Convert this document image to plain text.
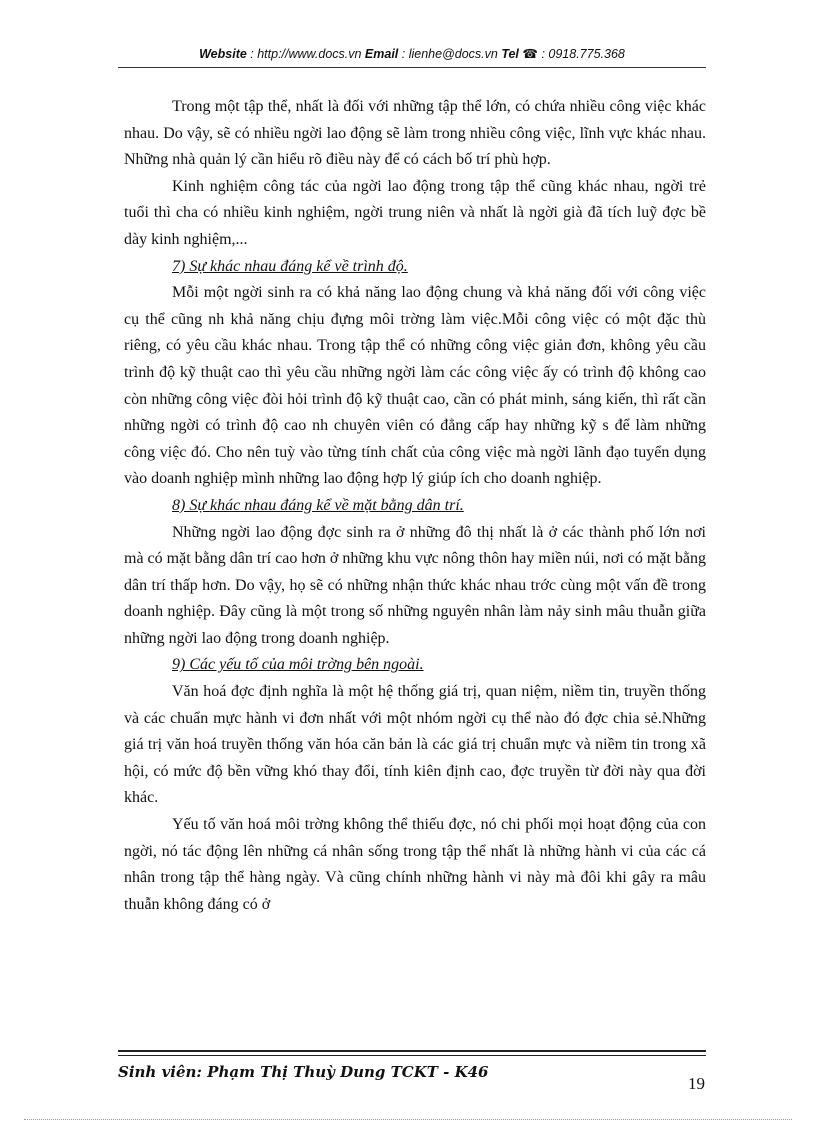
Website : http://www.docs.vn Email : lienhe@docs.vn Tel ☎ : 0918.775.368

Trong một tập thể, nhất là đối với những tập thể lớn, có chứa nhiều công việc khác nhau. Do vậy, sẽ có nhiều ngời lao động sẽ làm trong nhiều công việc, lĩnh vực khác nhau. Những nhà quản lý cần hiểu rõ điều này để có cách bố trí phù hợp.

Kinh nghiệm công tác của ngời lao động trong tập thể cũng khác nhau, ngời trẻ tuổi thì cha có nhiều kinh nghiệm, ngời trung niên và nhất là ngời già đã tích luỹ đợc bề dày kinh nghiệm,...

7) Sự khác nhau đáng kể về trình độ.

Mỗi một ngời sinh ra có khả năng lao động chung và khả năng đối với công việc cụ thể cũng nh khả năng chịu đựng môi trờng làm việc.Mỗi công việc có một đặc thù riêng, có yêu cầu khác nhau. Trong tập thể có những công việc giản đơn, không yêu cầu trình độ kỹ thuật cao thì yêu cầu những ngời làm các công việc ấy có trình độ không cao còn những công việc đòi hỏi trình độ kỹ thuật cao, cần có phát minh, sáng kiến, thì rất cần những ngời có trình độ cao nh chuyên viên có đẳng cấp hay những kỹ s để làm những công việc đó. Cho nên tuỳ vào từng tính chất của công việc mà ngời lãnh đạo tuyển dụng vào doanh nghiệp mình những lao động hợp lý giúp ích cho doanh nghiệp.

8) Sự khác nhau đáng kể về mặt bằng dân trí.

Những ngời lao động đợc sinh ra ở những đô thị nhất là ở các thành phố lớn nơi mà có mặt bằng dân trí cao hơn ở những khu vực nông thôn hay miền núi, nơi có mặt bằng dân trí thấp hơn. Do vậy, họ sẽ có những nhận thức khác nhau trớc cùng một vấn đề trong doanh nghiệp. Đây cũng là một trong số những nguyên nhân làm nảy sinh mâu thuẫn giữa những ngời lao động trong doanh nghiệp.

9) Các yếu tố của môi trờng bên ngoài.

Văn hoá đợc định nghĩa là một hệ thống giá trị, quan niệm, niềm tin, truyền thống và các chuẩn mực hành vi đơn nhất với một nhóm ngời cụ thể nào đó đợc chia sẻ.Những giá trị văn hoá truyền thống văn hóa căn bản là các giá trị chuẩn mực và niềm tin trong xã hội, có mức độ bền vững khó thay đổi, tính kiên định cao, đợc truyền từ đời này qua đời khác.

Yếu tố văn hoá môi trờng không thể thiếu đợc, nó chi phối mọi hoạt động của con ngời, nó tác động lên những cá nhân sống trong tập thể nhất là những hành vi của các cá nhân trong tập thể hàng ngày. Và cũng chính những hành vi này mà đôi khi gây ra mâu thuẫn không đáng có ở

Sinh viên: Phạm Thị Thuỳ Dung TCKT - K46
19
